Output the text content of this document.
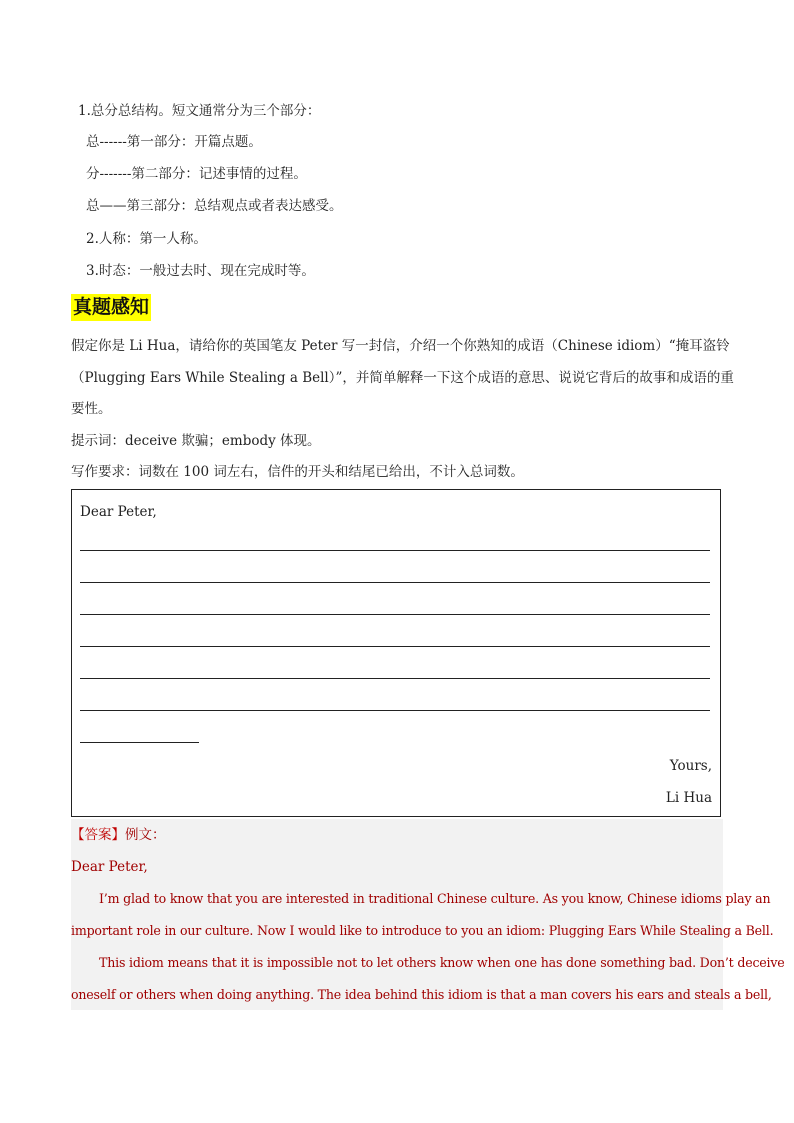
1.总分总结构。短文通常分为三个部分：
总------第一部分：开篇点题。
分-------第二部分：记述事情的过程。
总——第三部分：总结观点或者表达感受。
2.人称：第一人称。
3.时态：一般过去时、现在完成时等。
真题感知
假定你是 Li Hua，请给你的英国笔友 Peter 写一封信，介绍一个你熟知的成语（Chinese idiom）“掩耳盗铃
（Plugging Ears While Stealing a Bell）”，并简单解释一下这个成语的意思、说说它背后的故事和成语的重
要性。
提示词：deceive 欺骗；embody 体现。
写作要求：词数在 100 词左右，信件的开头和结尾已给出，不计入总词数。
Dear Peter,
Yours,
Li Hua
【答案】例文：
Dear Peter,
I’m glad to know that you are interested in traditional Chinese culture. As you know, Chinese idioms play an
important role in our culture. Now I would like to introduce to you an idiom: Plugging Ears While Stealing a Bell.
This idiom means that it is impossible not to let others know when one has done something bad. Don’t deceive
oneself or others when doing anything. The idea behind this idiom is that a man covers his ears and steals a bell,
